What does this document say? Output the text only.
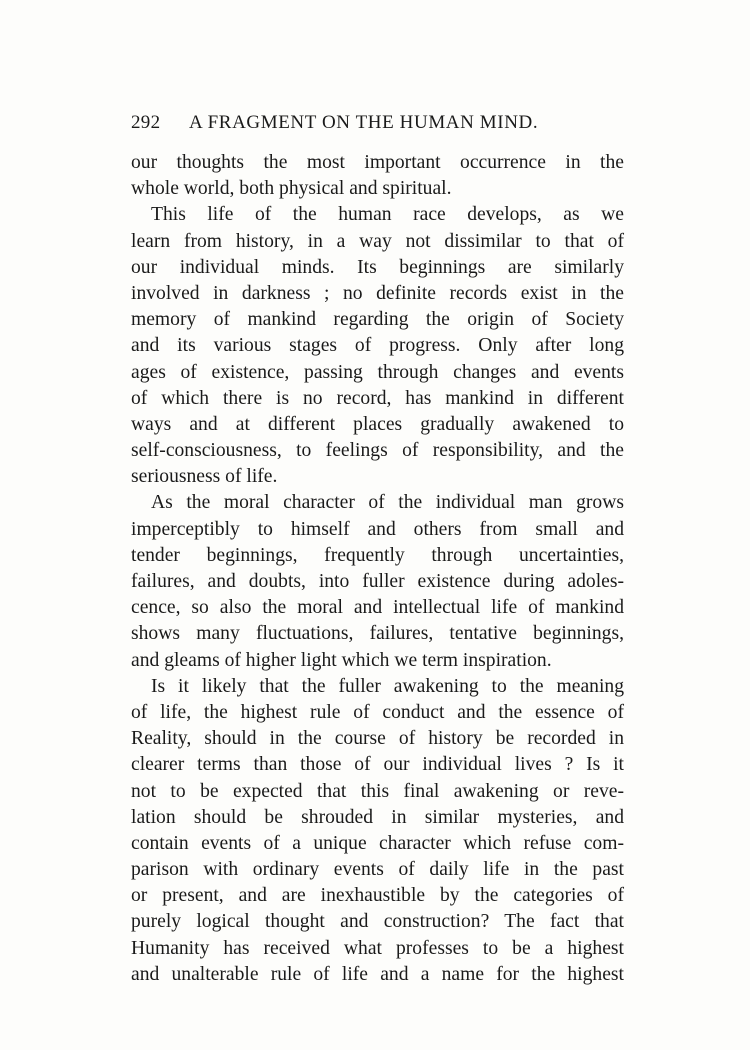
292 A FRAGMENT ON THE HUMAN MIND.
our thoughts the most important occurrence in the
whole world, both physical and spiritual.
This life of the human race develops, as we
learn from history, in a way not dissimilar to that of
our individual minds. Its beginnings are similarly
involved in darkness ; no definite records exist in the
memory of mankind regarding the origin of Society
and its various stages of progress. Only after long
ages of existence, passing through changes and events
of which there is no record, has mankind in different
ways and at different places gradually awakened to
self-consciousness, to feelings of responsibility, and the
seriousness of life.
As the moral character of the individual man grows
imperceptibly to himself and others from small and
tender beginnings, frequently through uncertainties,
failures, and doubts, into fuller existence during adoles-
cence, so also the moral and intellectual life of mankind
shows many fluctuations, failures, tentative beginnings,
and gleams of higher light which we term inspiration.
Is it likely that the fuller awakening to the meaning
of life, the highest rule of conduct and the essence of
Reality, should in the course of history be recorded in
clearer terms than those of our individual lives ? Is it
not to be expected that this final awakening or reve-
lation should be shrouded in similar mysteries, and
contain events of a unique character which refuse com-
parison with ordinary events of daily life in the past
or present, and are inexhaustible by the categories of
purely logical thought and construction? The fact that
Humanity has received what professes to be a highest
and unalterable rule of life and a name for the highest
